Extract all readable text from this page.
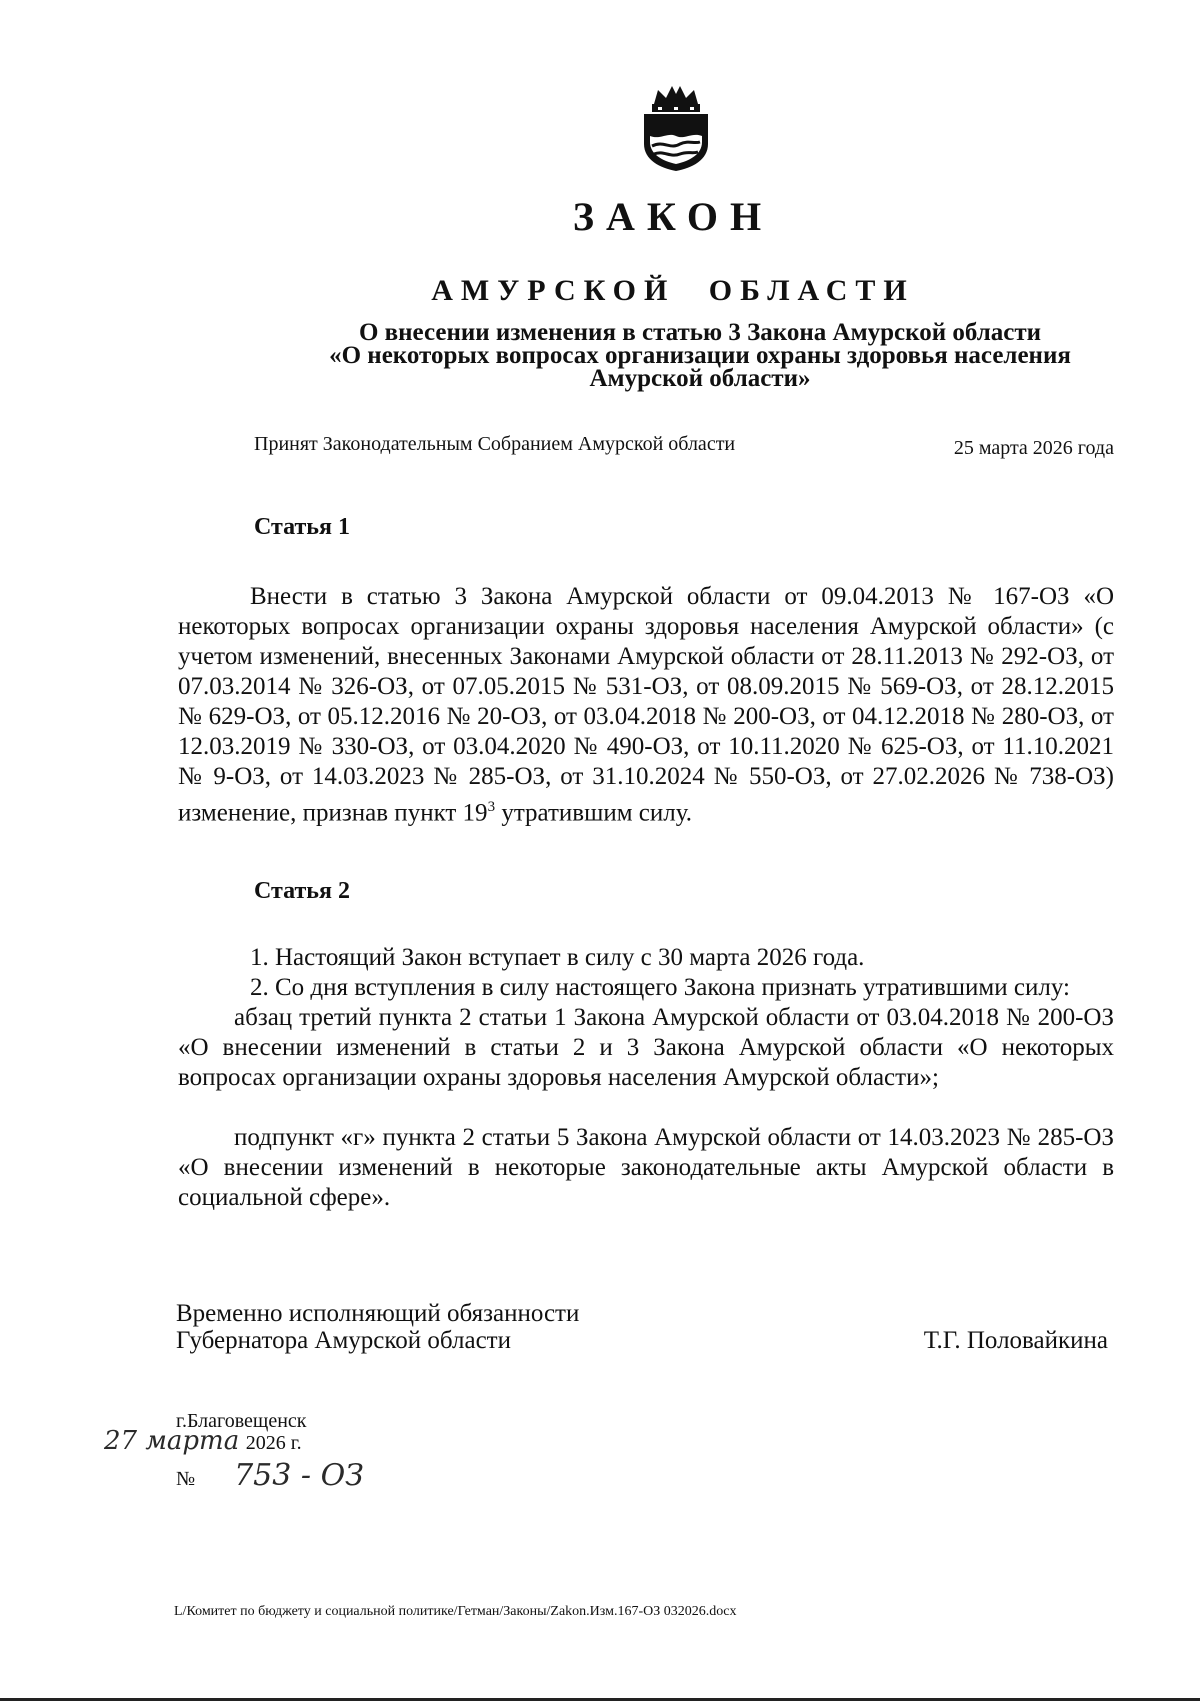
ЗАКОН
АМУРСКОЙ ОБЛАСТИ
О внесении изменения в статью 3 Закона Амурской области
«О некоторых вопросах организации охраны здоровья населения
Амурской области»
Принят Законодательным Собранием Амурской области	25 марта 2026 года
Статья 1

Внести в статью 3 Закона Амурской области от 09.04.2013 № 167-ОЗ «О некоторых вопросах организации охраны здоровья населения Амурской области» (с учетом изменений, внесенных Законами Амурской области от 28.11.2013 № 292-ОЗ, от 07.03.2014 № 326-ОЗ, от 07.05.2015 № 531-ОЗ, от 08.09.2015 № 569-ОЗ, от 28.12.2015 № 629-ОЗ, от 05.12.2016 № 20-ОЗ, от 03.04.2018 № 200-ОЗ, от 04.12.2018 № 280-ОЗ, от 12.03.2019 № 330-ОЗ, от 03.04.2020 № 490-ОЗ, от 10.11.2020 № 625-ОЗ, от 11.10.2021 № 9-ОЗ, от 14.03.2023 № 285-ОЗ, от 31.10.2024 № 550-ОЗ, от 27.02.2026 № 738-ОЗ) изменение, признав пункт $19^3$ утратившим силу.

Статья 2

1. Настоящий Закон вступает в силу с 30 марта 2026 года.

2. Со дня вступления в силу настоящего Закона признать утратившими силу:

абзац третий пункта 2 статьи 1 Закона Амурской области от 03.04.2018 № 200-ОЗ «О внесении изменений в статьи 2 и 3 Закона Амурской области «О некоторых вопросах организации охраны здоровья населения Амурской области»;

подпункт «г» пункта 2 статьи 5 Закона Амурской области от 14.03.2023 № 285-ОЗ «О внесении изменений в некоторые законодательные акты Амурской области в социальной сфере».

Временно исполняющий обязанности
Губернатора Амурской области	Т.Г. Половайкина
г.Благовещенск
27 марта 2026 г.
№ 753 - ОЗ
L/Комитет по бюджету и социальной политике/Гетман/Законы/Zakon.Изм.167-ОЗ 032026.docx
